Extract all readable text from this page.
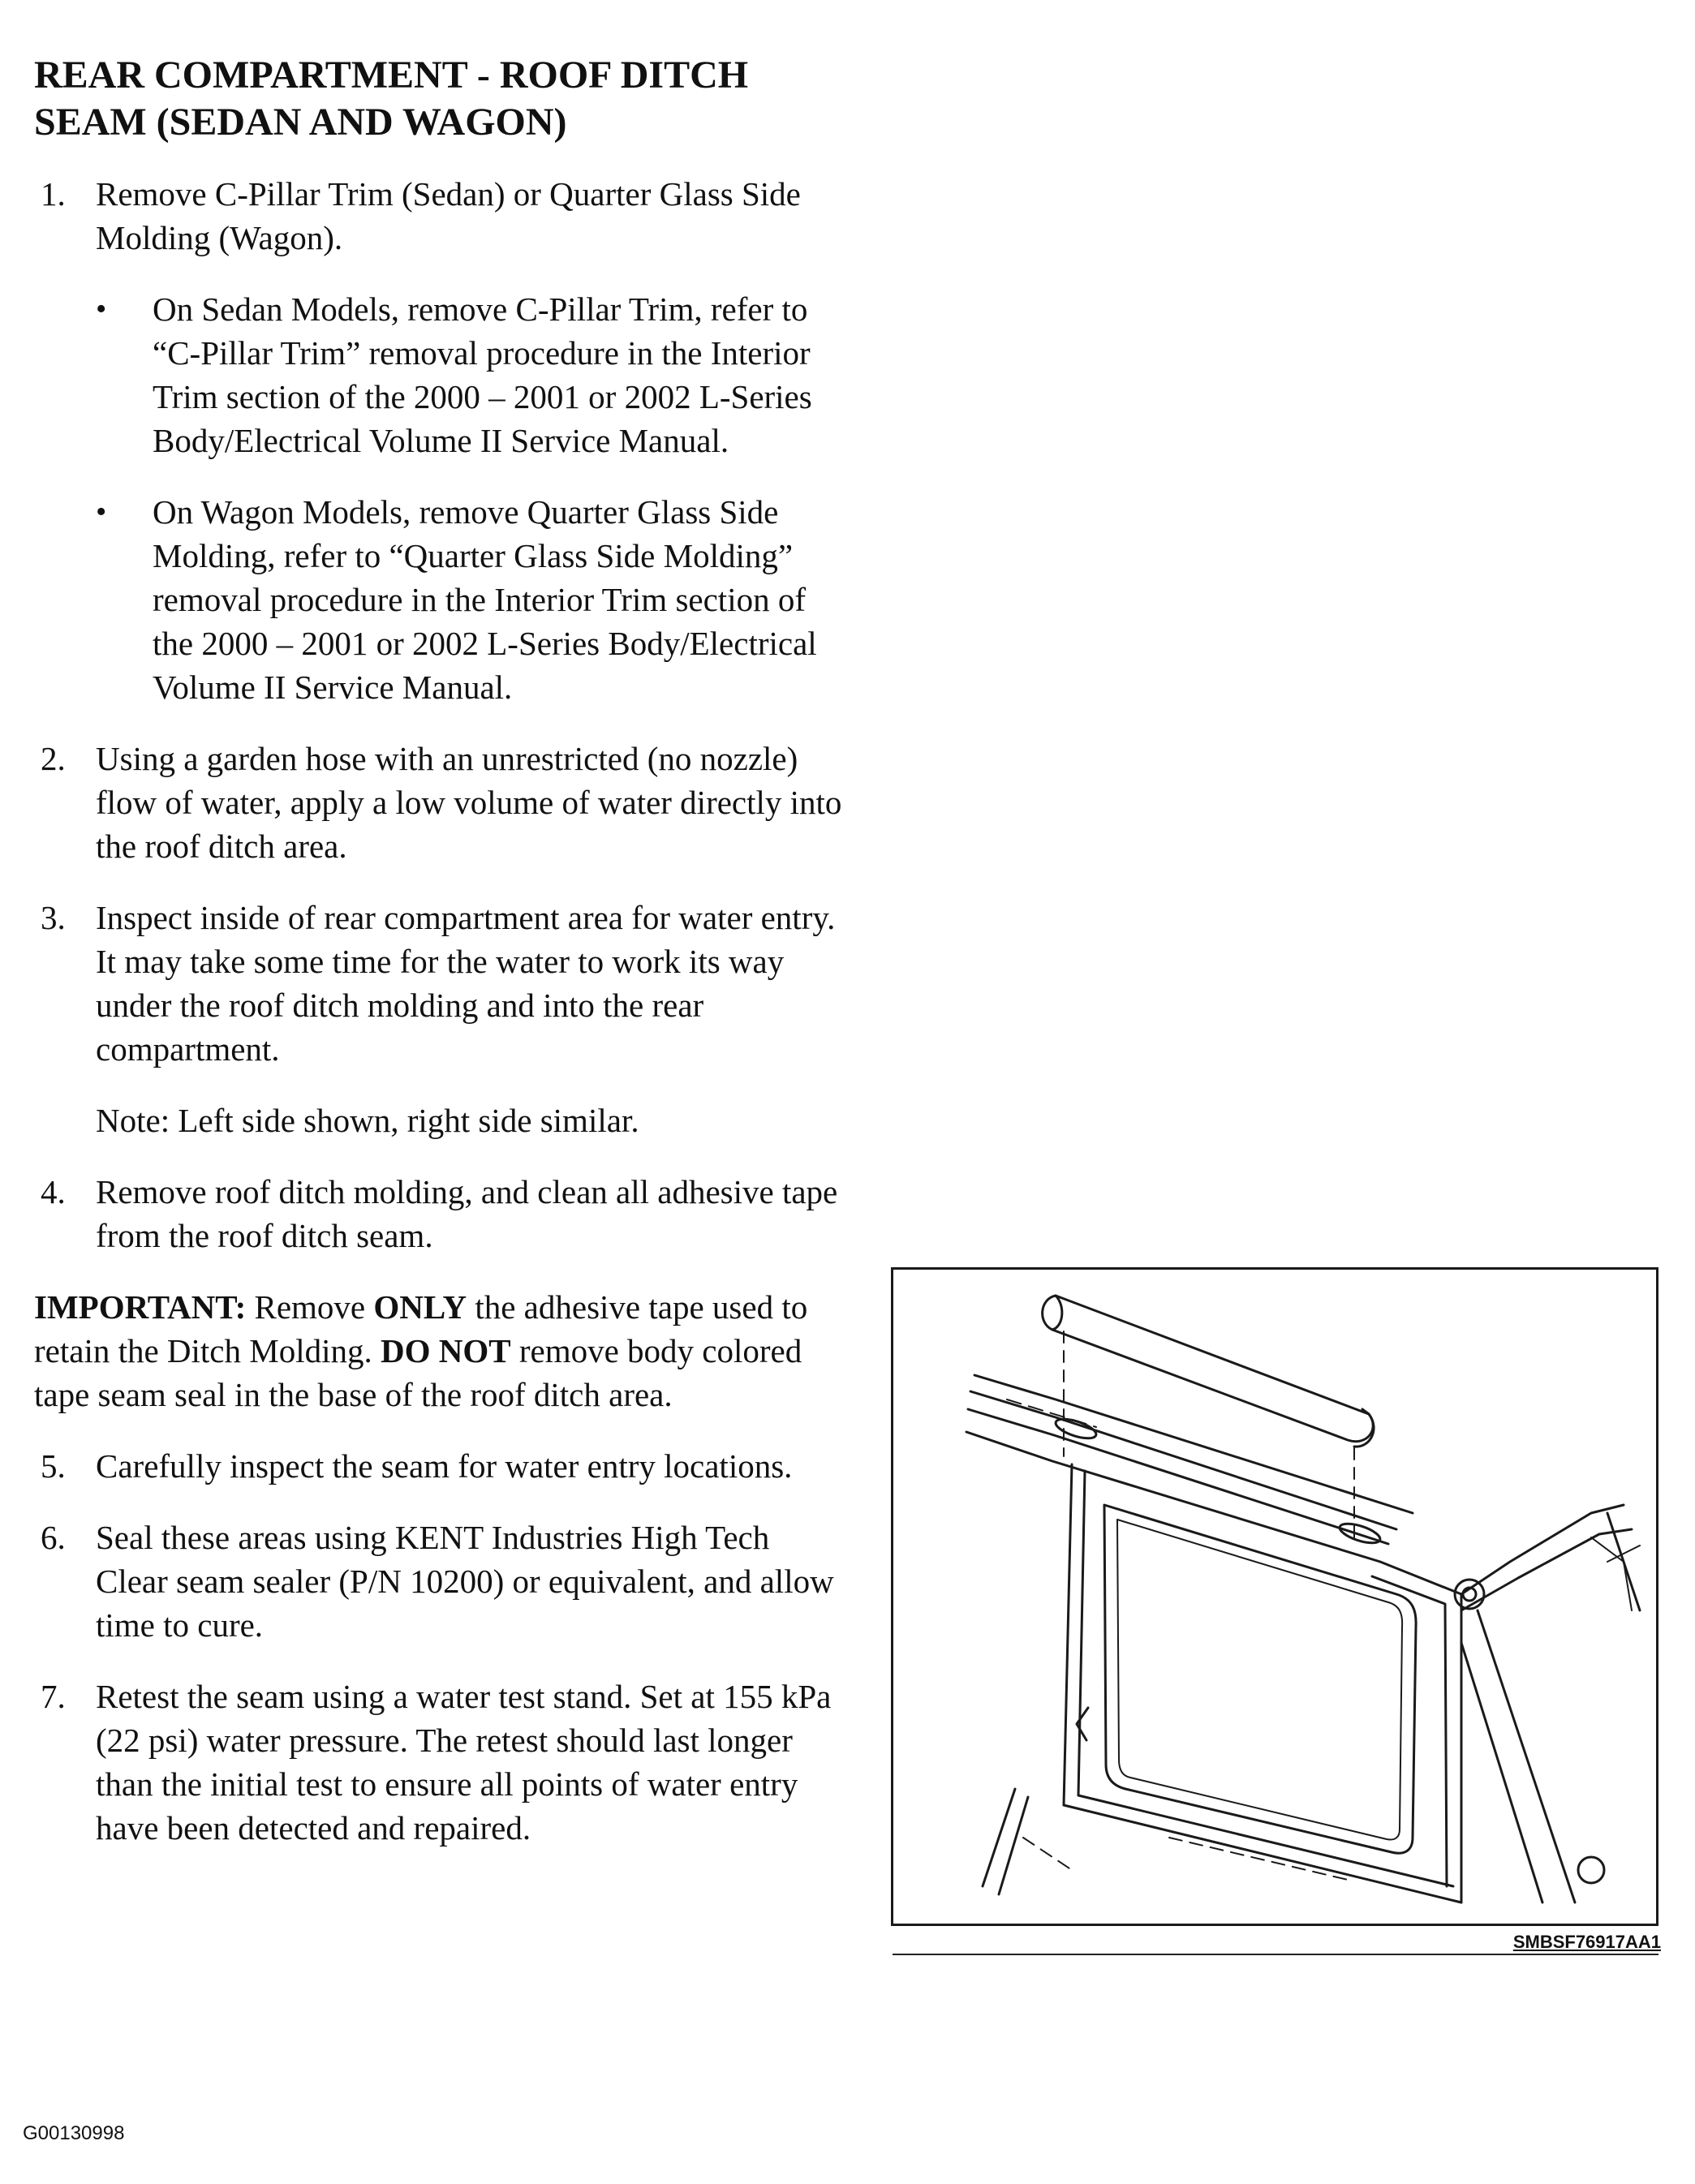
REAR COMPARTMENT - ROOF DITCH
SEAM (SEDAN AND WAGON)
1. Remove C-Pillar Trim (Sedan) or Quarter Glass Side Molding (Wagon).

• On Sedan Models, remove C-Pillar Trim, refer to “C-Pillar Trim” removal procedure in the Interior Trim section of the 2000 – 2001 or 2002 L-Series Body/Electrical Volume II Service Manual.
• On Wagon Models, remove Quarter Glass Side Molding, refer to “Quarter Glass Side Molding” removal procedure in the Interior Trim section of the 2000 – 2001 or 2002 L-Series Body/Electrical Volume II Service Manual.
2. Using a garden hose with an unrestricted (no nozzle) flow of water, apply a low volume of water directly into the roof ditch area.

3. Inspect inside of rear compartment area for water entry. It may take some time for the water to work its way under the roof ditch molding and into the rear compartment.

Note: Left side shown, right side similar.
4. Remove roof ditch molding, and clean all adhesive tape from the roof ditch seam.

IMPORTANT: Remove ONLY the adhesive tape used to retain the Ditch Molding. DO NOT remove body colored tape seam seal in the base of the roof ditch area.
5. Carefully inspect the seam for water entry locations.

6. Seal these areas using KENT Industries High Tech Clear seam sealer (P/N 10200) or equivalent, and allow time to cure.

7. Retest the seam using a water test stand. Set at 155 kPa (22 psi) water pressure. The retest should last longer than the initial test to ensure all points of water entry have been detected and repaired.

SMBSF76917AA1
G00130998
